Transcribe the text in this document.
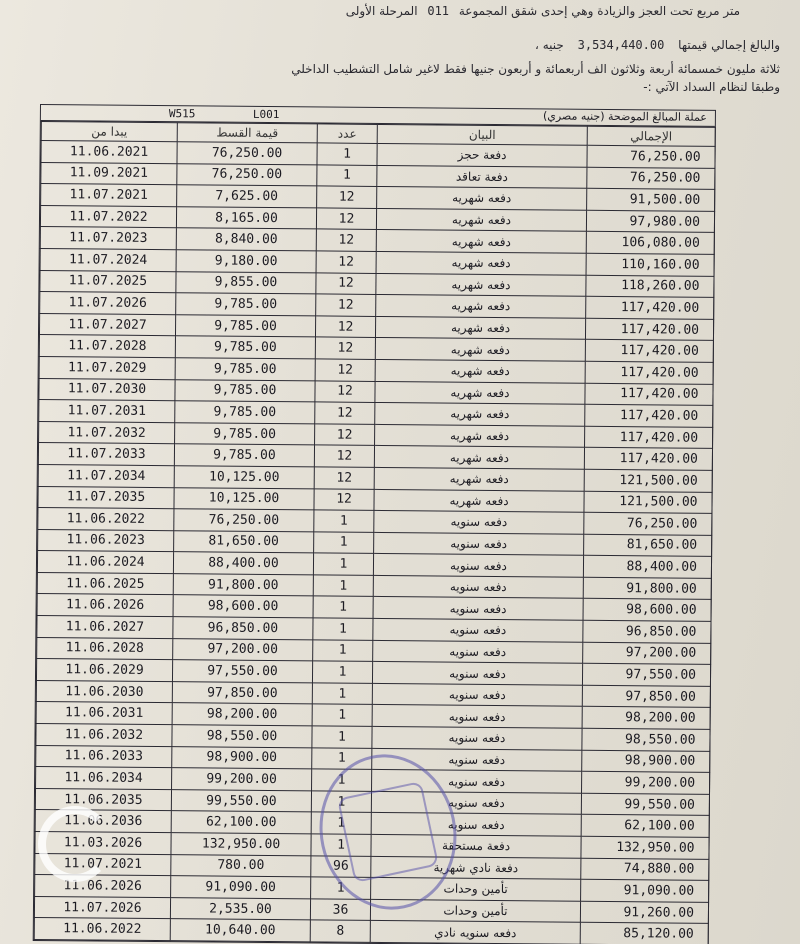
متر مربع تحت العجز والزيادة وهي إحدى شقق المجموعة 011 المرحلة الأولى
والبالغ إجمالي قيمتها 3,534,440.00 جنيه ،
ثلاثة مليون خمسمائة أربعة وثلاثون الف أربعمائة و أربعون جنيها فقط لاغير شامل التشطيب الداخلي
وطبقا لنظام السداد الآتي :-
W515	L001	عملة المبالغ الموضحة (جنيه مصري)
يبدا من	قيمة القسط	عدد	البيان	الإجمالي
11.06.2021	76,250.00	1	دفعة حجز	76,250.00
11.09.2021	76,250.00	1	دفعة تعاقد	76,250.00
11.07.2021	7,625.00	12	دفعه شهريه	91,500.00
11.07.2022	8,165.00	12	دفعه شهريه	97,980.00
11.07.2023	8,840.00	12	دفعه شهريه	106,080.00
11.07.2024	9,180.00	12	دفعه شهريه	110,160.00
11.07.2025	9,855.00	12	دفعه شهريه	118,260.00
11.07.2026	9,785.00	12	دفعه شهريه	117,420.00
11.07.2027	9,785.00	12	دفعه شهريه	117,420.00
11.07.2028	9,785.00	12	دفعه شهريه	117,420.00
11.07.2029	9,785.00	12	دفعه شهريه	117,420.00
11.07.2030	9,785.00	12	دفعه شهريه	117,420.00
11.07.2031	9,785.00	12	دفعه شهريه	117,420.00
11.07.2032	9,785.00	12	دفعه شهريه	117,420.00
11.07.2033	9,785.00	12	دفعه شهريه	117,420.00
11.07.2034	10,125.00	12	دفعه شهريه	121,500.00
11.07.2035	10,125.00	12	دفعه شهريه	121,500.00
11.06.2022	76,250.00	1	دفعه سنويه	76,250.00
11.06.2023	81,650.00	1	دفعه سنويه	81,650.00
11.06.2024	88,400.00	1	دفعه سنويه	88,400.00
11.06.2025	91,800.00	1	دفعه سنويه	91,800.00
11.06.2026	98,600.00	1	دفعه سنويه	98,600.00
11.06.2027	96,850.00	1	دفعه سنويه	96,850.00
11.06.2028	97,200.00	1	دفعه سنويه	97,200.00
11.06.2029	97,550.00	1	دفعه سنويه	97,550.00
11.06.2030	97,850.00	1	دفعه سنويه	97,850.00
11.06.2031	98,200.00	1	دفعه سنويه	98,200.00
11.06.2032	98,550.00	1	دفعه سنويه	98,550.00
11.06.2033	98,900.00	1	دفعه سنويه	98,900.00
11.06.2034	99,200.00	1	دفعه سنويه	99,200.00
11.06.2035	99,550.00	1	دفعه سنويه	99,550.00
11.06.2036	62,100.00	1	دفعه سنويه	62,100.00
11.03.2026	132,950.00	1	دفعة مستحقة	132,950.00
11.07.2021	780.00	96	دفعة نادي شهرية	74,880.00
11.06.2026	91,090.00	1	تأمين وحدات	91,090.00
11.07.2026	2,535.00	36	تأمين وحدات	91,260.00
11.06.2022	10,640.00	8	دفعه سنويه نادي	85,120.00
